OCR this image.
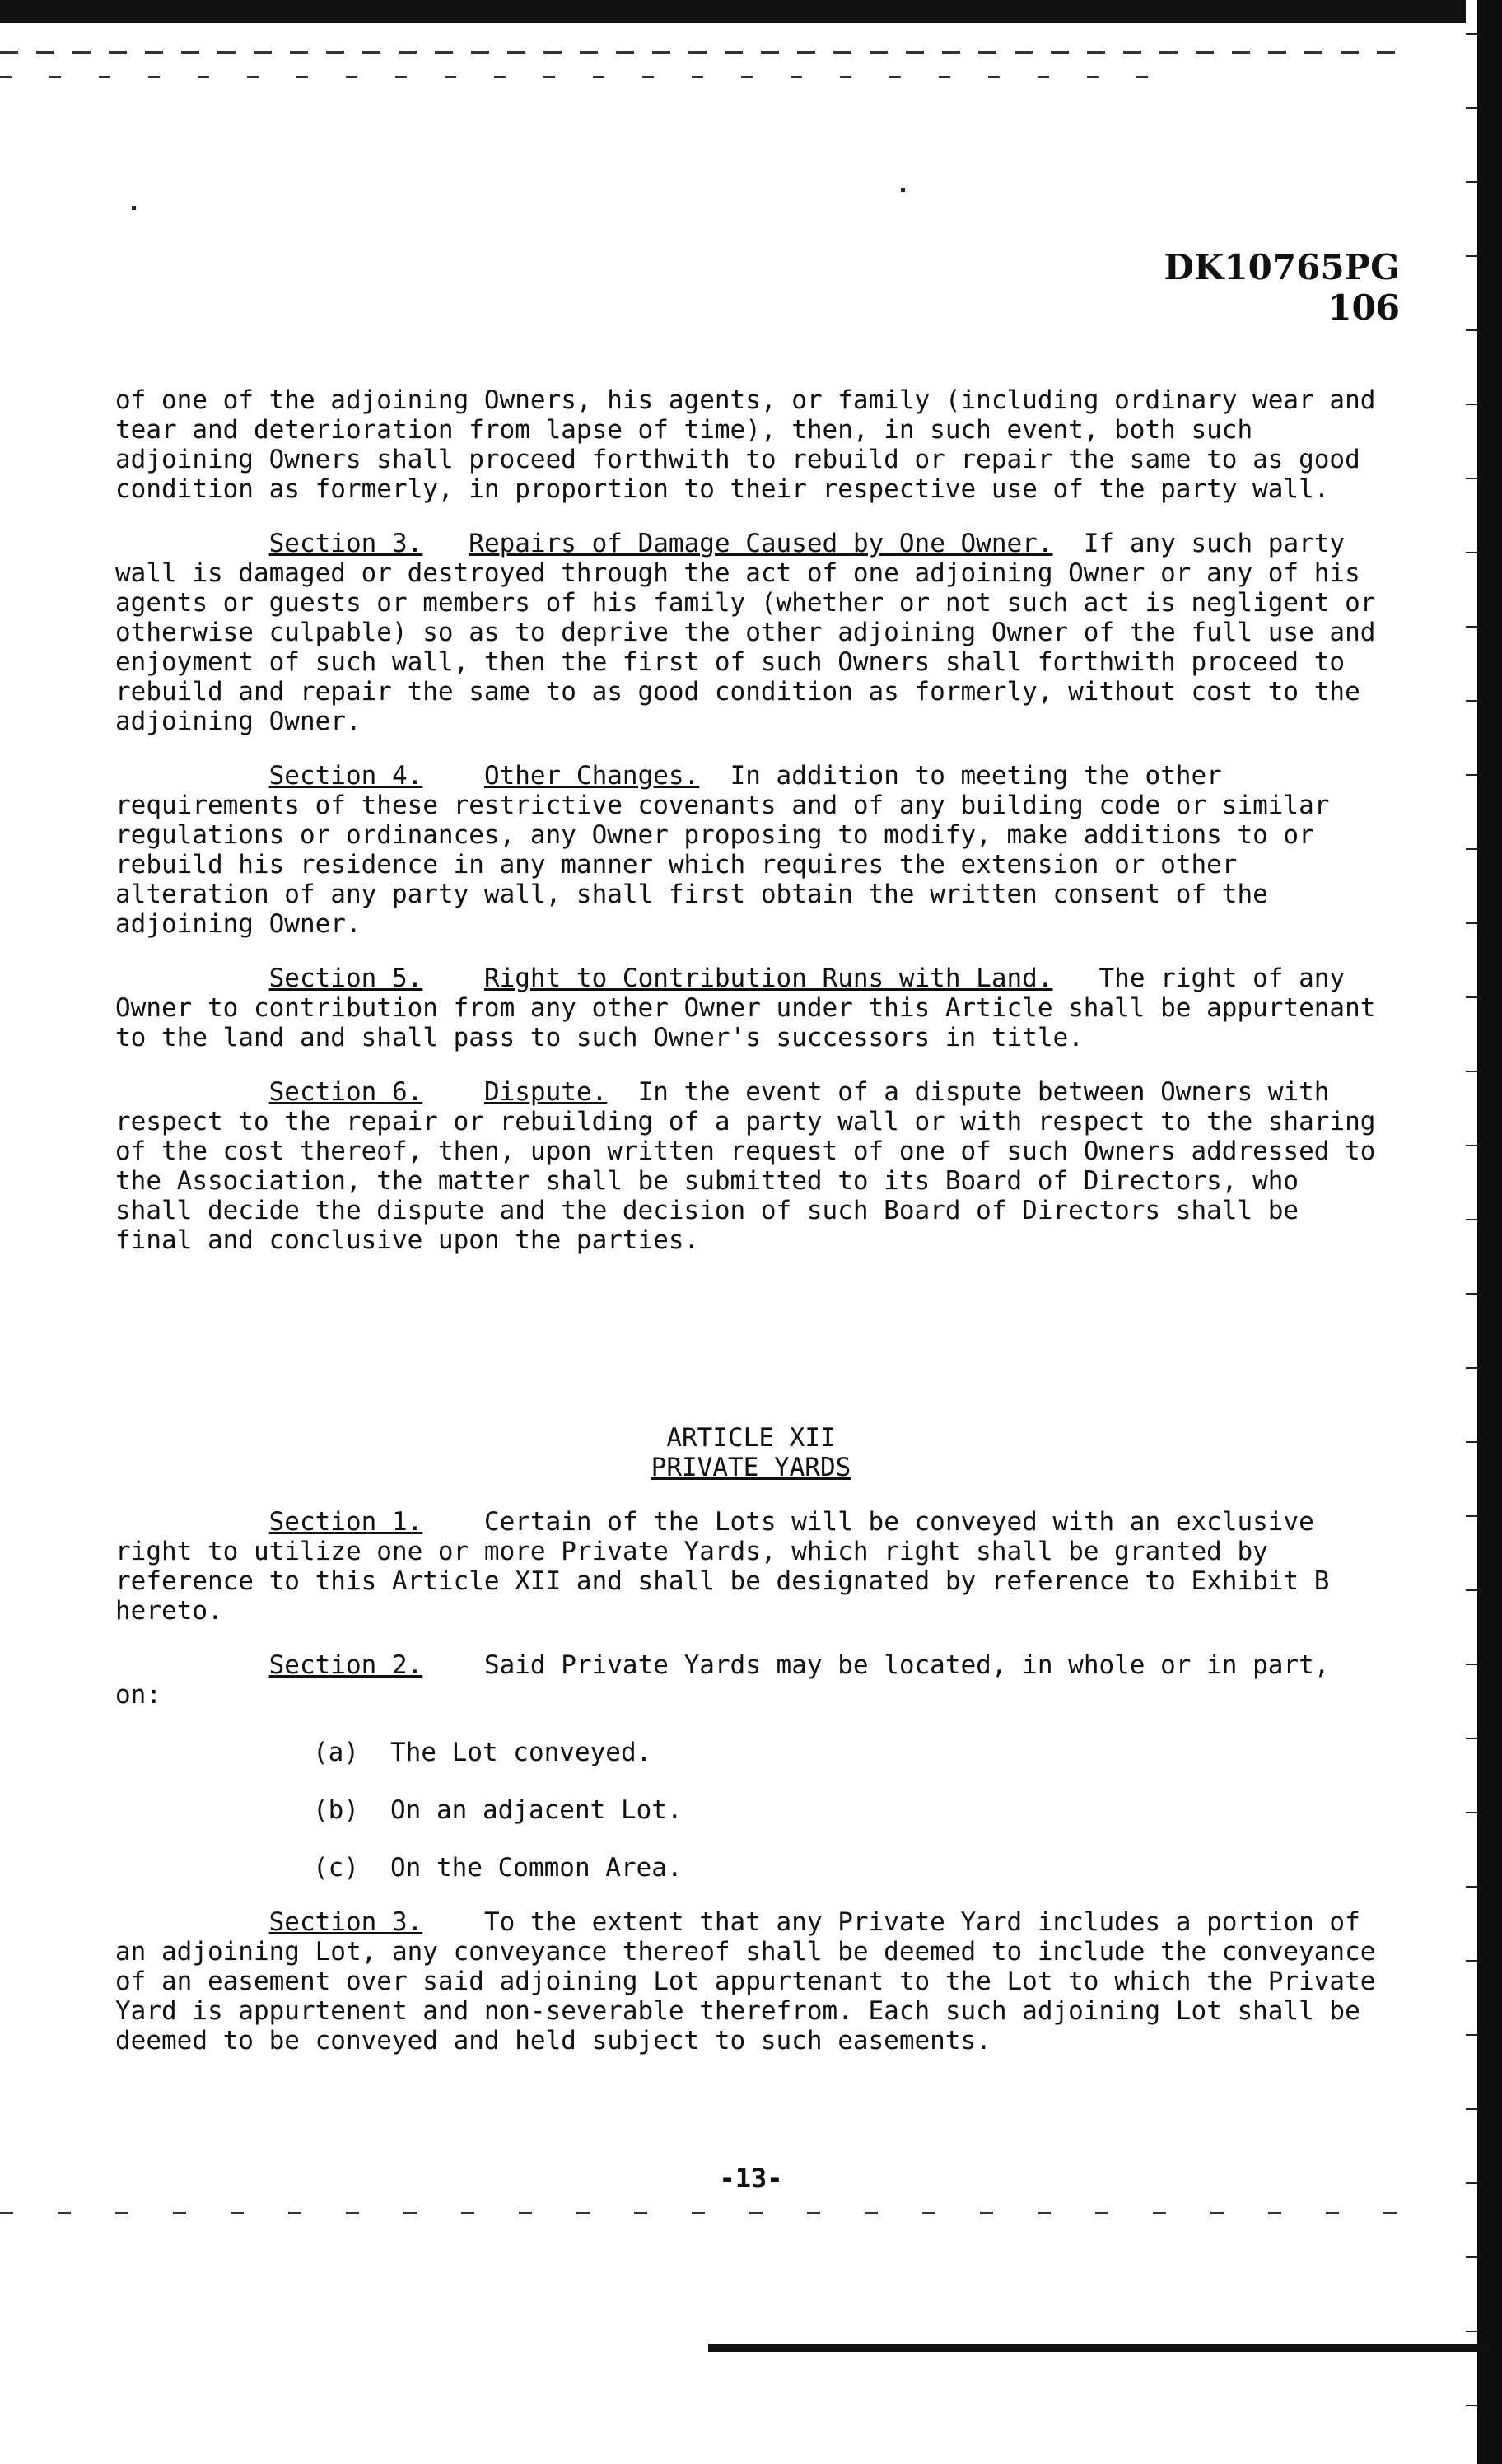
DK10765PG 106

of one of the adjoining Owners, his agents, or family (including ordinary wear and tear and deterioration from lapse of time), then, in such event, both such adjoining Owners shall proceed forthwith to rebuild or repair the same to as good condition as formerly, in proportion to their respective use of the party wall.

Section 3. Repairs of Damage Caused by One Owner. If any such party wall is damaged or destroyed through the act of one adjoining Owner or any of his agents or guests or members of his family (whether or not such act is negligent or otherwise culpable) so as to deprive the other adjoining Owner of the full use and enjoyment of such wall, then the first of such Owners shall forthwith proceed to rebuild and repair the same to as good condition as formerly, without cost to the adjoining Owner.

Section 4. Other Changes. In addition to meeting the other requirements of these restrictive covenants and of any building code or similar regulations or ordinances, any Owner proposing to modify, make additions to or rebuild his residence in any manner which requires the extension or other alteration of any party wall, shall first obtain the written consent of the adjoining Owner.

Section 5. Right to Contribution Runs with Land. The right of any Owner to contribution from any other Owner under this Article shall be appurtenant to the land and shall pass to such Owner's successors in title.

Section 6. Dispute. In the event of a dispute between Owners with respect to the repair or rebuilding of a party wall or with respect to the sharing of the cost thereof, then, upon written request of one of such Owners addressed to the Association, the matter shall be submitted to its Board of Directors, who shall decide the dispute and the decision of such Board of Directors shall be final and conclusive upon the parties.

ARTICLE XII
PRIVATE YARDS

Section 1. Certain of the Lots will be conveyed with an exclusive right to utilize one or more Private Yards, which right shall be granted by reference to this Article XII and shall be designated by reference to Exhibit B hereto.

Section 2. Said Private Yards may be located, in whole or in part, on:

(a) The Lot conveyed.
(b) On an adjacent Lot.
(c) On the Common Area.

Section 3. To the extent that any Private Yard includes a portion of an adjoining Lot, any conveyance thereof shall be deemed to include the conveyance of an easement over said adjoining Lot appurtenant to the Lot to which the Private Yard is appurtenent and non-severable therefrom. Each such adjoining Lot shall be deemed to be conveyed and held subject to such easements.

-13-
